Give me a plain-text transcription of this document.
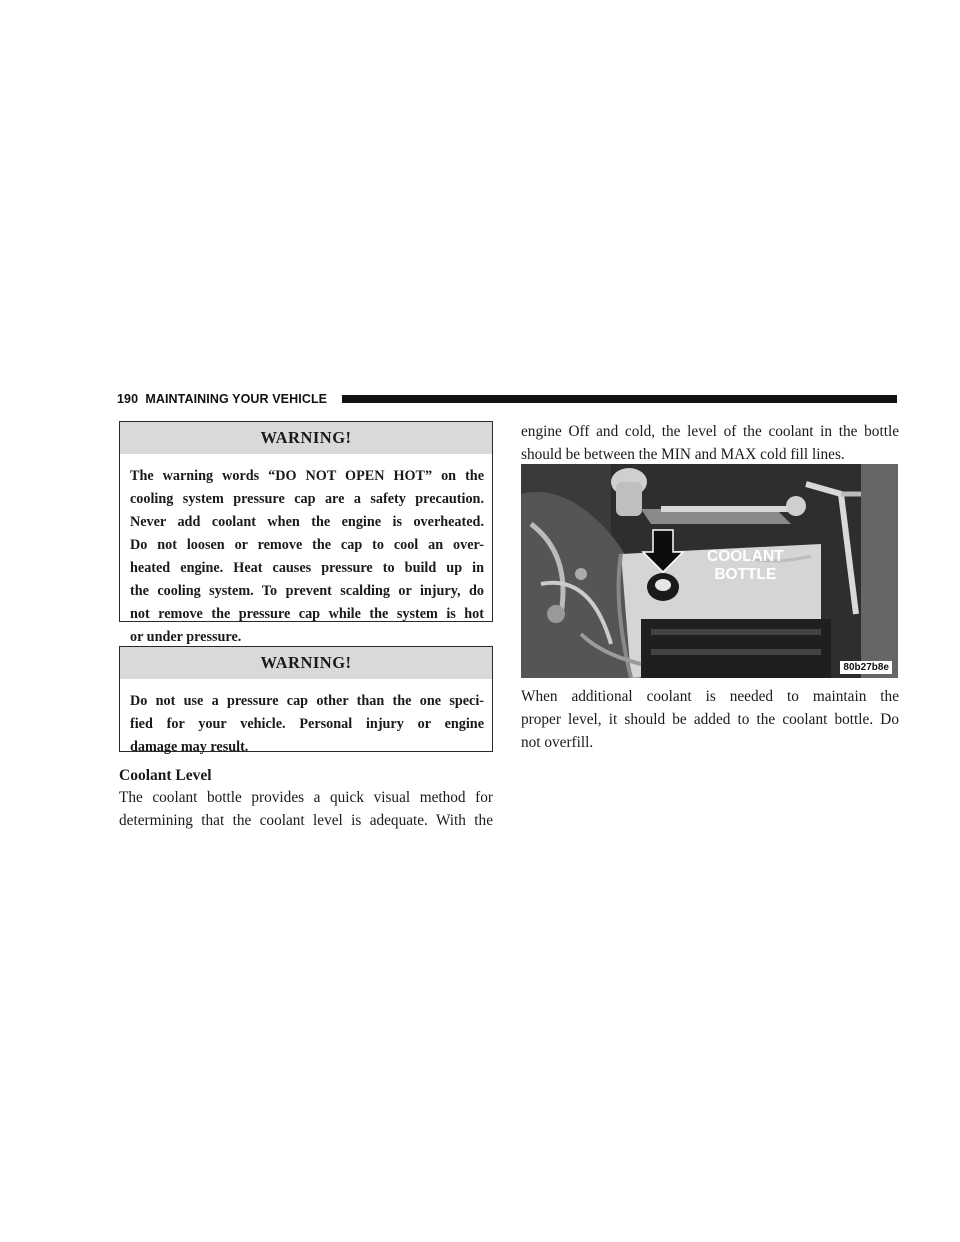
190 MAINTAINING YOUR VEHICLE
WARNING!
The warning words “DO NOT OPEN HOT” on the
cooling system pressure cap are a safety precaution.
Never add coolant when the engine is overheated.
Do not loosen or remove the cap to cool an over-
heated engine. Heat causes pressure to build up in
the cooling system. To prevent scalding or injury, do
not remove the pressure cap while the system is hot
or under pressure.
WARNING!
Do not use a pressure cap other than the one speci-
fied for your vehicle. Personal injury or engine
damage may result.
Coolant Level
The coolant bottle provides a quick visual method for
determining that the coolant level is adequate. With the
engine Off and cold, the level of the coolant in the bottle
should be between the MIN and MAX cold fill lines.
COOLANT
BOTTLE
80b27b8e
When additional coolant is needed to maintain the
proper level, it should be added to the coolant bottle. Do
not overfill.
